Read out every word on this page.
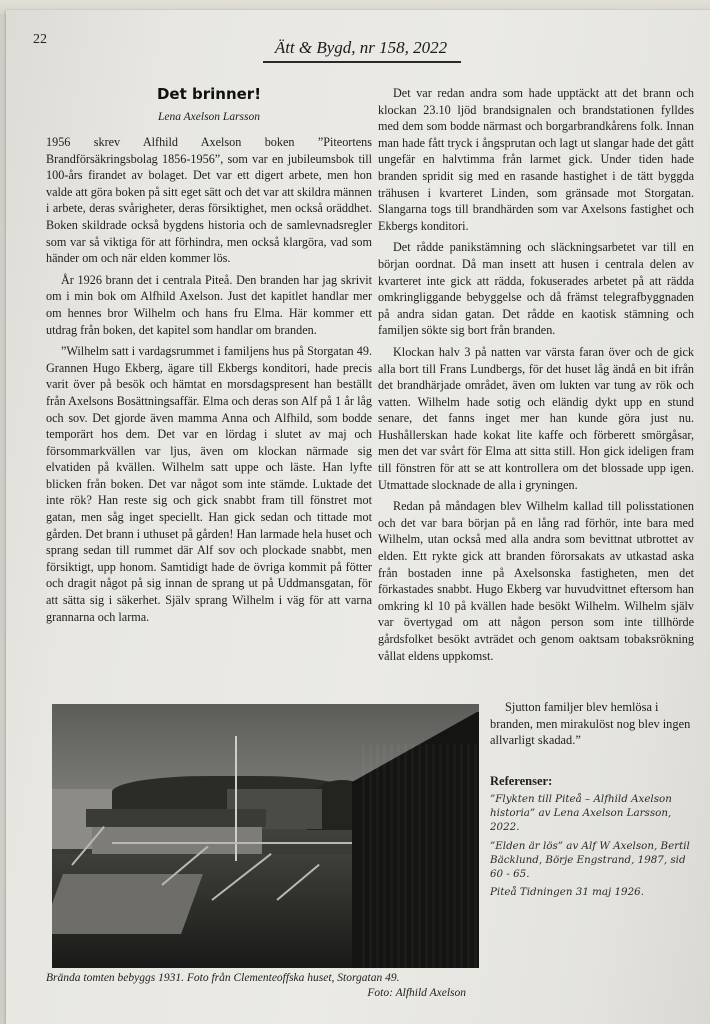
22	Ätt & Bygd, nr 158, 2022
Det brinner!
Lena Axelson Larsson

1956 skrev Alfhild Axelson boken ”Piteortens Brandförsäkringsbolag 1856-1956”, som var en jubileumsbok till 100-års firandet av bolaget. Det var ett digert arbete, men hon valde att göra boken på sitt eget sätt och det var att skildra männen i arbete, deras svårigheter, deras försiktighet, men också oräddhet. Boken skildrade också bygdens historia och de samlevnadsregler som var så viktiga för att förhindra, men också klargöra, vad som händer om och när elden kommer lös.

År 1926 brann det i centrala Piteå. Den branden har jag skrivit om i min bok om Alfhild Axelson. Just det kapitlet handlar mer om hennes bror Wilhelm och hans fru Elma. Här kommer ett utdrag från boken, det kapitel som handlar om branden.

”Wilhelm satt i vardagsrummet i familjens hus på Storgatan 49. Grannen Hugo Ekberg, ägare till Ekbergs konditori, hade precis varit över på besök och hämtat en morsdagspresent han beställt från Axelsons Bosättningsaffär. Elma och deras son Alf på 1 år låg och sov. Det gjorde även mamma Anna och Alfhild, som bodde temporärt hos dem. Det var en lördag i slutet av maj och försommarkvällen var ljus, även om klockan närmade sig elvatiden på kvällen. Wilhelm satt uppe och läste. Han lyfte blicken från boken. Det var något som inte stämde. Luktade det inte rök? Han reste sig och gick snabbt fram till fönstret mot gatan, men såg inget speciellt. Han gick sedan och tittade mot gården. Det brann i uthuset på gården! Han larmade hela huset och sprang sedan till rummet där Alf sov och plockade snabbt, men försiktigt, upp honom. Samtidigt hade de övriga kommit på fötter och dragit något på sig innan de sprang ut på Uddmansgatan, för att sätta sig i säkerhet. Själv sprang Wilhelm i väg för att varna grannarna och larma.

Det var redan andra som hade upptäckt att det brann och klockan 23.10 ljöd brandsignalen och brandstationen fylldes med dem som bodde närmast och borgarbrandkårens folk. Innan man hade fått tryck i ångsprutan och lagt ut slangar hade det gått ungefär en halvtimma från larmet gick. Under tiden hade branden spridit sig med en rasande hastighet i de tätt byggda trähusen i kvarteret Linden, som gränsade mot Storgatan. Slangarna togs till brandhärden som var Axelsons fastighet och Ekbergs konditori.

Det rådde panikstämning och släckningsarbetet var till en början oordnat. Då man insett att husen i centrala delen av kvarteret inte gick att rädda, fokuserades arbetet på att rädda omkringliggande bebyggelse och då främst telegrafbyggnaden på andra sidan gatan. Det rådde en kaotisk stämning och familjen sökte sig bort från branden.

Klockan halv 3 på natten var värsta faran över och de gick alla bort till Frans Lundbergs, för det huset låg ändå en bit ifrån det brandhärjade området, även om lukten var tung av rök och vatten. Wilhelm hade sotig och eländig dykt upp en stund senare, det fanns inget mer han kunde göra just nu. Hushållerskan hade kokat lite kaffe och förberett smörgåsar, men det var svårt för Elma att sitta still. Hon gick ideligen fram till fönstren för att se att kontrollera om det blossade upp igen. Utmattade slocknade de alla i gryningen.

Redan på måndagen blev Wilhelm kallad till polisstationen och det var bara början på en lång rad förhör, inte bara med Wilhelm, utan också med alla andra som bevittnat utbrottet av elden. Ett rykte gick att branden förorsakats av utkastad aska från bostaden inne på Axelsonska fastigheten, men det förkastades snabbt. Hugo Ekberg var huvudvittnet eftersom han omkring kl 10 på kvällen hade besökt Wilhelm. Wilhelm själv var övertygad om att någon person som inte tillhörde gårdsfolket besökt avträdet och genom oaktsam tobaksrökning vållat eldens uppkomst.

Brända tomten bebyggs 1931. Foto från Clementeoffska huset, Storgatan 49.
Foto: Alfhild Axelson

Sjutton familjer blev hemlösa i branden, men mirakulöst nog blev ingen allvarligt skadad.”

Referenser:
”Flykten till Piteå – Alfhild Axelson historia” av Lena Axelson Larsson, 2022.
”Elden är lös” av Alf W Axelson, Bertil Bäcklund, Börje Engstrand, 1987, sid 60 - 65.
Piteå Tidningen 31 maj 1926.
